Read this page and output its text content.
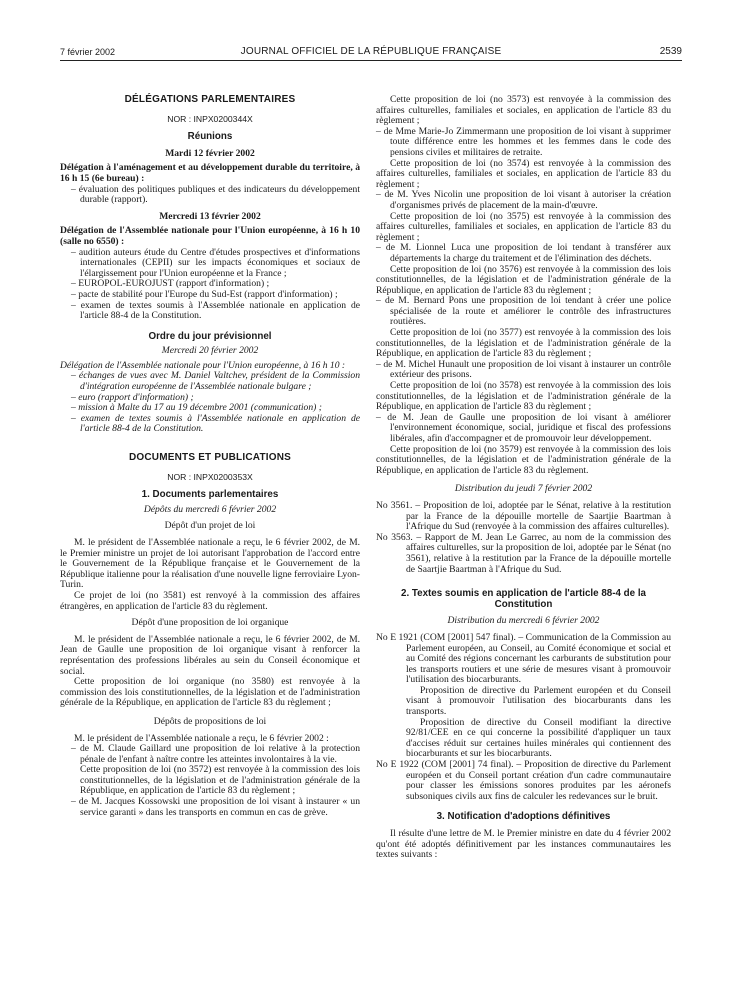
7 février 2002	JOURNAL OFFICIEL DE LA RÉPUBLIQUE FRANÇAISE	2539

DÉLÉGATIONS PARLEMENTAIRES

NOR : INPX0200344X

Réunions

Mardi 12 février 2002

Délégation à l'aménagement et au développement durable du territoire, à 16 h 15 (6e bureau) :

– évaluation des politiques publiques et des indicateurs du développement durable (rapport).

Mercredi 13 février 2002

Délégation de l'Assemblée nationale pour l'Union européenne, à 16 h 10 (salle no 6550) :

– audition auteurs étude du Centre d'études prospectives et d'informations internationales (CEPII) sur les impacts économiques et sociaux de l'élargissement pour l'Union européenne et la France ;

– EUROPOL-EUROJUST (rapport d'information) ;

– pacte de stabilité pour l'Europe du Sud-Est (rapport d'information) ;

– examen de textes soumis à l'Assemblée nationale en application de l'article 88-4 de la Constitution.

Ordre du jour prévisionnel

Mercredi 20 février 2002

Délégation de l'Assemblée nationale pour l'Union européenne, à 16 h 10 :

– échanges de vues avec M. Daniel Valtchev, président de la Commission d'intégration européenne de l'Assemblée nationale bulgare ;

– euro (rapport d'information) ;

– mission à Malte du 17 au 19 décembre 2001 (communication) ;

– examen de textes soumis à l'Assemblée nationale en application de l'article 88-4 de la Constitution.

DOCUMENTS ET PUBLICATIONS

NOR : INPX0200353X

1. Documents parlementaires

Dépôts du mercredi 6 février 2002

Dépôt d'un projet de loi

M. le président de l'Assemblée nationale a reçu, le 6 février 2002, de M. le Premier ministre un projet de loi autorisant l'approbation de l'accord entre le Gouvernement de la République française et le Gouvernement de la République italienne pour la réalisation d'une nouvelle ligne ferroviaire Lyon-Turin.

Ce projet de loi (no 3581) est renvoyé à la commission des affaires étrangères, en application de l'article 83 du règlement.

Dépôt d'une proposition de loi organique

M. le président de l'Assemblée nationale a reçu, le 6 février 2002, de M. Jean de Gaulle une proposition de loi organique visant à renforcer la représentation des professions libérales au sein du Conseil économique et social.

Cette proposition de loi organique (no 3580) est renvoyée à la commission des lois constitutionnelles, de la législation et de l'administration générale de la République, en application de l'article 83 du règlement ;

Dépôts de propositions de loi

M. le président de l'Assemblée nationale a reçu, le 6 février 2002 :

– de M. Claude Gaillard une proposition de loi relative à la protection pénale de l'enfant à naître contre les atteintes involontaires à la vie.

Cette proposition de loi (no 3572) est renvoyée à la commission des lois constitutionnelles, de la législation et de l'administration générale de la République, en application de l'article 83 du règlement ;

– de M. Jacques Kossowski une proposition de loi visant à instaurer « un service garanti » dans les transports en commun en cas de grève.

Cette proposition de loi (no 3573) est renvoyée à la commission des affaires culturelles, familiales et sociales, en application de l'article 83 du règlement ;

– de Mme Marie-Jo Zimmermann une proposition de loi visant à supprimer toute différence entre les hommes et les femmes dans le code des pensions civiles et militaires de retraite.

Cette proposition de loi (no 3574) est renvoyée à la commission des affaires culturelles, familiales et sociales, en application de l'article 83 du règlement ;

– de M. Yves Nicolin une proposition de loi visant à autoriser la création d'organismes privés de placement de la main-d'œuvre.

Cette proposition de loi (no 3575) est renvoyée à la commission des affaires culturelles, familiales et sociales, en application de l'article 83 du règlement ;

– de M. Lionnel Luca une proposition de loi tendant à transférer aux départements la charge du traitement et de l'élimination des déchets.

Cette proposition de loi (no 3576) est renvoyée à la commission des lois constitutionnelles, de la législation et de l'administration générale de la République, en application de l'article 83 du règlement ;

– de M. Bernard Pons une proposition de loi tendant à créer une police spécialisée de la route et améliorer le contrôle des infrastructures routières.

Cette proposition de loi (no 3577) est renvoyée à la commission des lois constitutionnelles, de la législation et de l'administration générale de la République, en application de l'article 83 du règlement ;

– de M. Michel Hunault une proposition de loi visant à instaurer un contrôle extérieur des prisons.

Cette proposition de loi (no 3578) est renvoyée à la commission des lois constitutionnelles, de la législation et de l'administration générale de la République, en application de l'article 83 du règlement ;

– de M. Jean de Gaulle une proposition de loi visant à améliorer l'environnement économique, social, juridique et fiscal des professions libérales, afin d'accompagner et de promouvoir leur développement.

Cette proposition de loi (no 3579) est renvoyée à la commission des lois constitutionnelles, de la législation et de l'administration générale de la République, en application de l'article 83 du règlement.

Distribution du jeudi 7 février 2002

No 3561. – Proposition de loi, adoptée par le Sénat, relative à la restitution par la France de la dépouille mortelle de Saartjie Baartman à l'Afrique du Sud (renvoyée à la commission des affaires culturelles).

No 3563. – Rapport de M. Jean Le Garrec, au nom de la commission des affaires culturelles, sur la proposition de loi, adoptée par le Sénat (no 3561), relative à la restitution par la France de la dépouille mortelle de Saartjie Baartman à l'Afrique du Sud.

2. Textes soumis en application de l'article 88-4 de la Constitution

Distribution du mercredi 6 février 2002

No E 1921 (COM [2001] 547 final). – Communication de la Commission au Parlement européen, au Conseil, au Comité économique et social et au Comité des régions concernant les carburants de substitution pour les transports routiers et une série de mesures visant à promouvoir l'utilisation des biocarburants.

Proposition de directive du Parlement européen et du Conseil visant à promouvoir l'utilisation des biocarburants dans les transports.

Proposition de directive du Conseil modifiant la directive 92/81/CEE en ce qui concerne la possibilité d'appliquer un taux d'accises réduit sur certaines huiles minérales qui contiennent des biocarburants et sur les biocarburants.

No E 1922 (COM [2001] 74 final). – Proposition de directive du Parlement européen et du Conseil portant création d'un cadre communautaire pour classer les émissions sonores produites par les aéronefs subsoniques civils aux fins de calculer les redevances sur le bruit.

3. Notification d'adoptions définitives

Il résulte d'une lettre de M. le Premier ministre en date du 4 février 2002 qu'ont été adoptés définitivement par les instances communautaires les textes suivants :
